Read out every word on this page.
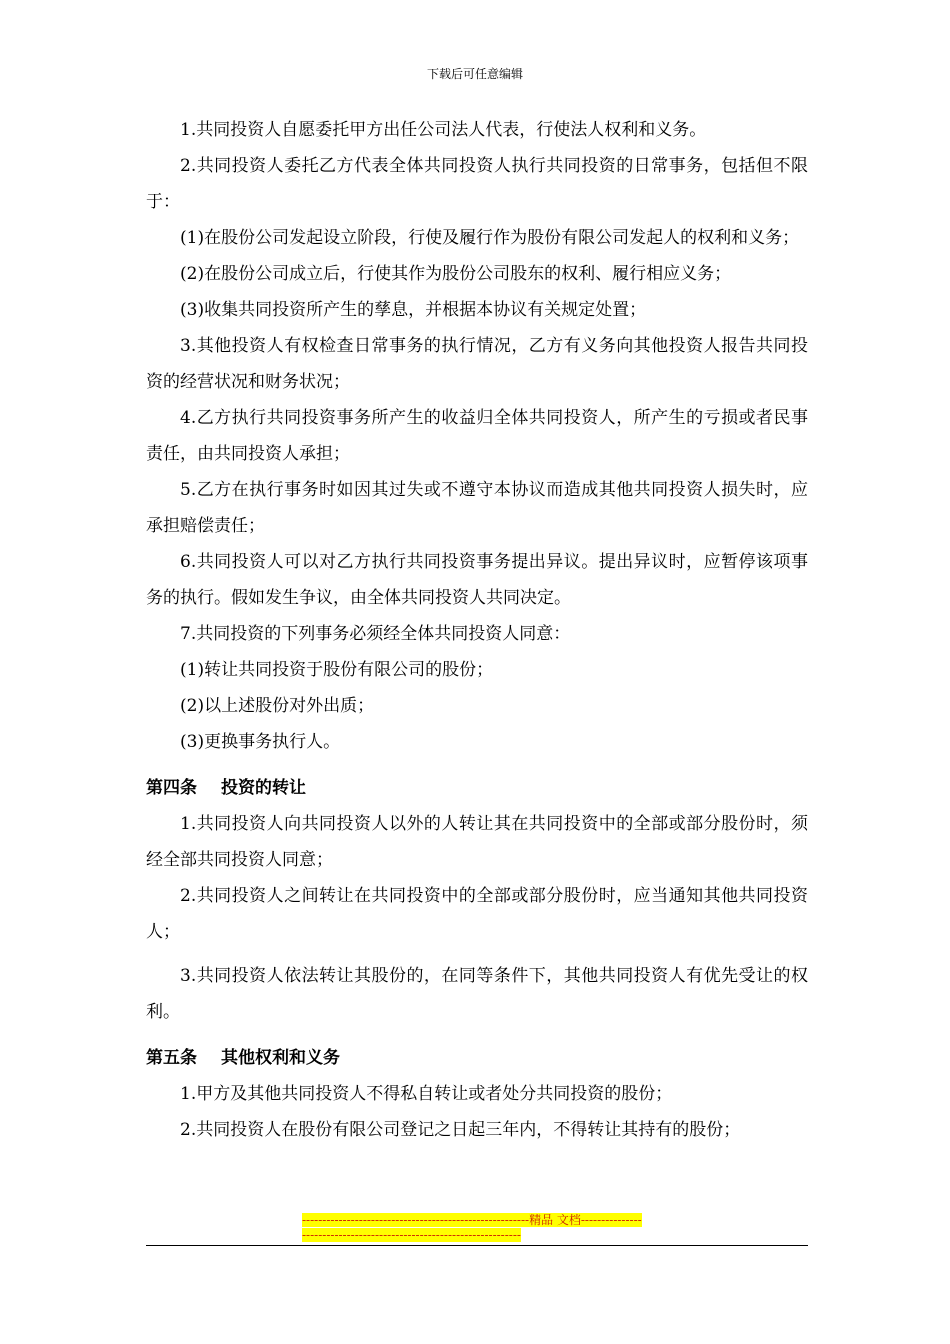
下载后可任意编辑

1.共同投资人自愿委托甲方出任公司法人代表，行使法人权利和义务。

2.共同投资人委托乙方代表全体共同投资人执行共同投资的日常事务，包括但不限于：

(1)在股份公司发起设立阶段，行使及履行作为股份有限公司发起人的权利和义务；

(2)在股份公司成立后，行使其作为股份公司股东的权利、履行相应义务；

(3)收集共同投资所产生的孳息，并根据本协议有关规定处置；

3.其他投资人有权检查日常事务的执行情况，乙方有义务向其他投资人报告共同投资的经营状况和财务状况；

4.乙方执行共同投资事务所产生的收益归全体共同投资人，所产生的亏损或者民事责任，由共同投资人承担；

5.乙方在执行事务时如因其过失或不遵守本协议而造成其他共同投资人损失时，应承担赔偿责任；

6.共同投资人可以对乙方执行共同投资事务提出异议。提出异议时，应暂停该项事务的执行。假如发生争议，由全体共同投资人共同决定。

7.共同投资的下列事务必须经全体共同投资人同意：

(1)转让共同投资于股份有限公司的股份；

(2)以上述股份对外出质；

(3)更换事务执行人。

第四条 投资的转让

1.共同投资人向共同投资人以外的人转让其在共同投资中的全部或部分股份时，须经全部共同投资人同意；

2.共同投资人之间转让在共同投资中的全部或部分股份时，应当通知其他共同投资人；

3.共同投资人依法转让其股份的，在同等条件下，其他共同投资人有优先受让的权利。

第五条 其他权利和义务

1.甲方及其他共同投资人不得私自转让或者处分共同投资的股份；

2.共同投资人在股份有限公司登记之日起三年内，不得转让其持有的股份；

--------------------------------------------------------精品 文档---------------------------------------------------------------------
